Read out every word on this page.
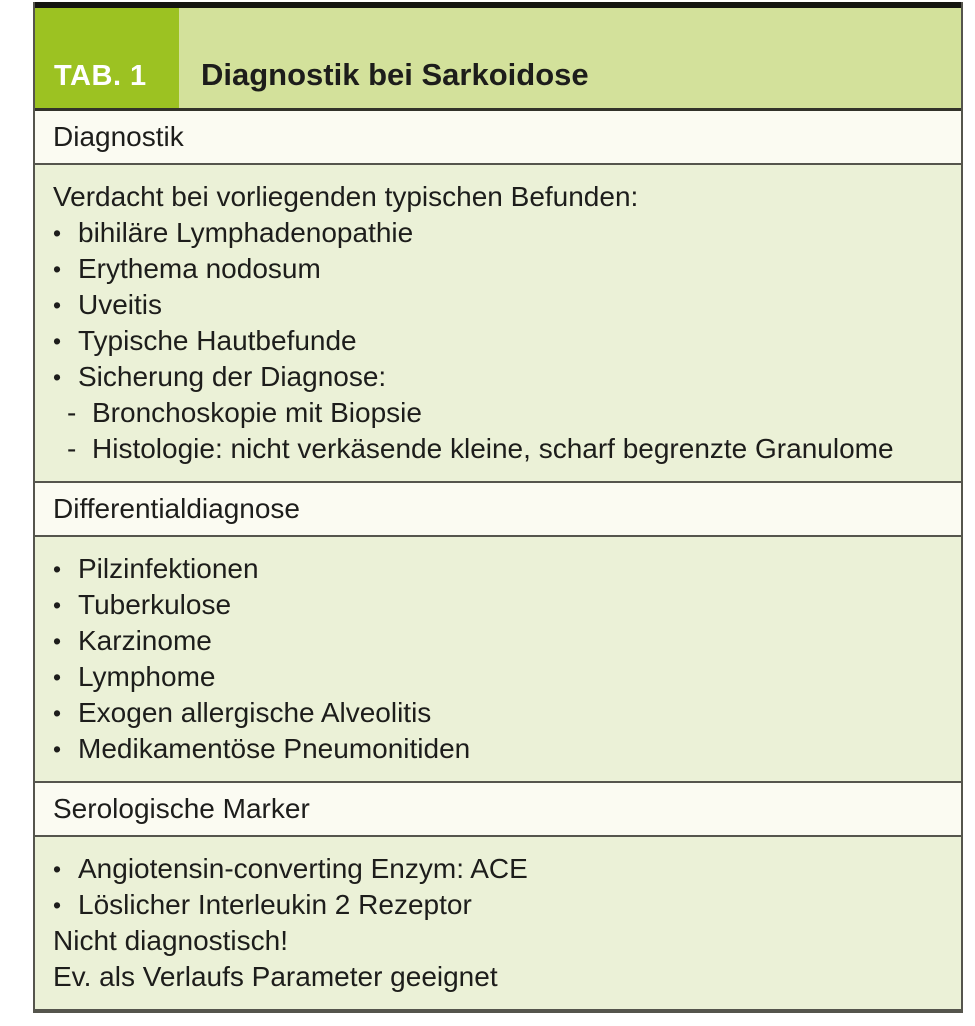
TAB. 1	Diagnostik bei Sarkoidose
Diagnostik
Verdacht bei vorliegenden typischen Befunden:
• bihiläre Lymphadenopathie
• Erythema nodosum
• Uveitis
• Typische Hautbefunde
• Sicherung der Diagnose:
- Bronchoskopie mit Biopsie
- Histologie: nicht verkäsende kleine, scharf begrenzte Granulome
Differentialdiagnose
• Pilzinfektionen
• Tuberkulose
• Karzinome
• Lymphome
• Exogen allergische Alveolitis
• Medikamentöse Pneumonitiden
Serologische Marker
• Angiotensin-converting Enzym: ACE
• Löslicher Interleukin 2 Rezeptor
Nicht diagnostisch!
Ev. als Verlaufs Parameter geeignet
